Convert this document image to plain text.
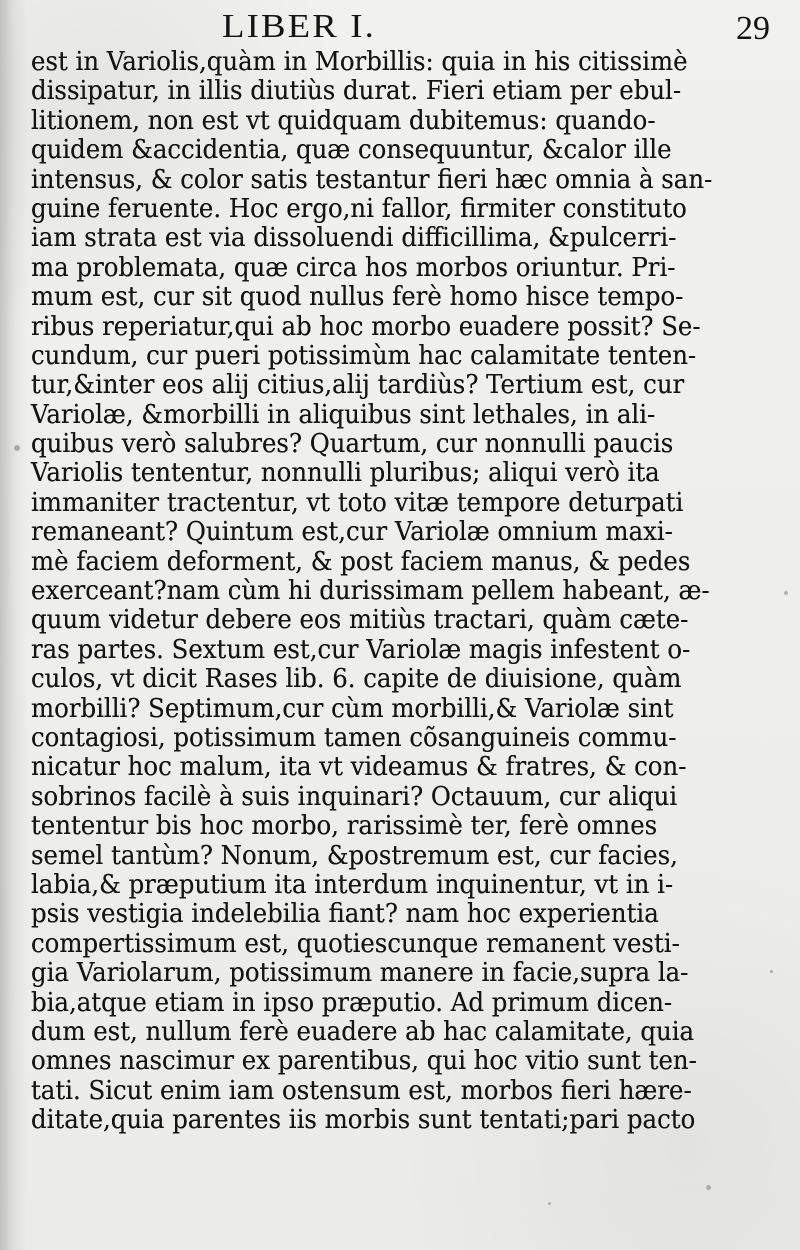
LIBER I.	29
est in Variolis,quàm in Morbillis: quia in his citissimè
dissipatur, in illis diutiùs durat. Fieri etiam per ebul-
litionem, non est vt quidquam dubitemus: quando-
quidem &accidentia, quæ consequuntur, &calor ille
intensus, & color satis testantur fieri hæc omnia à san-
guine feruente. Hoc ergo,ni fallor, firmiter constituto
iam strata est via dissoluendi difficillima, &pulcerri-
ma problemata, quæ circa hos morbos oriuntur. Pri-
mum est, cur sit quod nullus ferè homo hisce tempo-
ribus reperiatur,qui ab hoc morbo euadere possit? Se-
cundum, cur pueri potissimùm hac calamitate tenten-
tur,&inter eos alij citius,alij tardiùs? Tertium est, cur
Variolæ, &morbilli in aliquibus sint lethales, in ali-
quibus verò salubres? Quartum, cur nonnulli paucis
Variolis tententur, nonnulli pluribus; aliqui verò ita
immaniter tractentur, vt toto vitæ tempore deturpati
remaneant? Quintum est,cur Variolæ omnium maxi-
mè faciem deforment, & post faciem manus, & pedes
exerceant?nam cùm hi durissimam pellem habeant, æ-
quum videtur debere eos mitiùs tractari, quàm cæte-
ras partes. Sextum est,cur Variolæ magis infestent o-
culos, vt dicit Rases lib. 6. capite de diuisione, quàm
morbilli? Septimum,cur cùm morbilli,& Variolæ sint
contagiosi, potissimum tamen cõsanguineis commu-
nicatur hoc malum, ita vt videamus & fratres, & con-
sobrinos facilè à suis inquinari? Octauum, cur aliqui
tententur bis hoc morbo, rarissimè ter, ferè omnes
semel tantùm? Nonum, &postremum est, cur facies,
labia,& præputium ita interdum inquinentur, vt in i-
psis vestigia indelebilia fiant? nam hoc experientia
compertissimum est, quotiescunque remanent vesti-
gia Variolarum, potissimum manere in facie,supra la-
bia,atque etiam in ipso præputio. Ad primum dicen-
dum est, nullum ferè euadere ab hac calamitate, quia
omnes nascimur ex parentibus, qui hoc vitio sunt ten-
tati. Sicut enim iam ostensum est, morbos fieri hære-
ditate,quia parentes iis morbis sunt tentati;pari pacto
